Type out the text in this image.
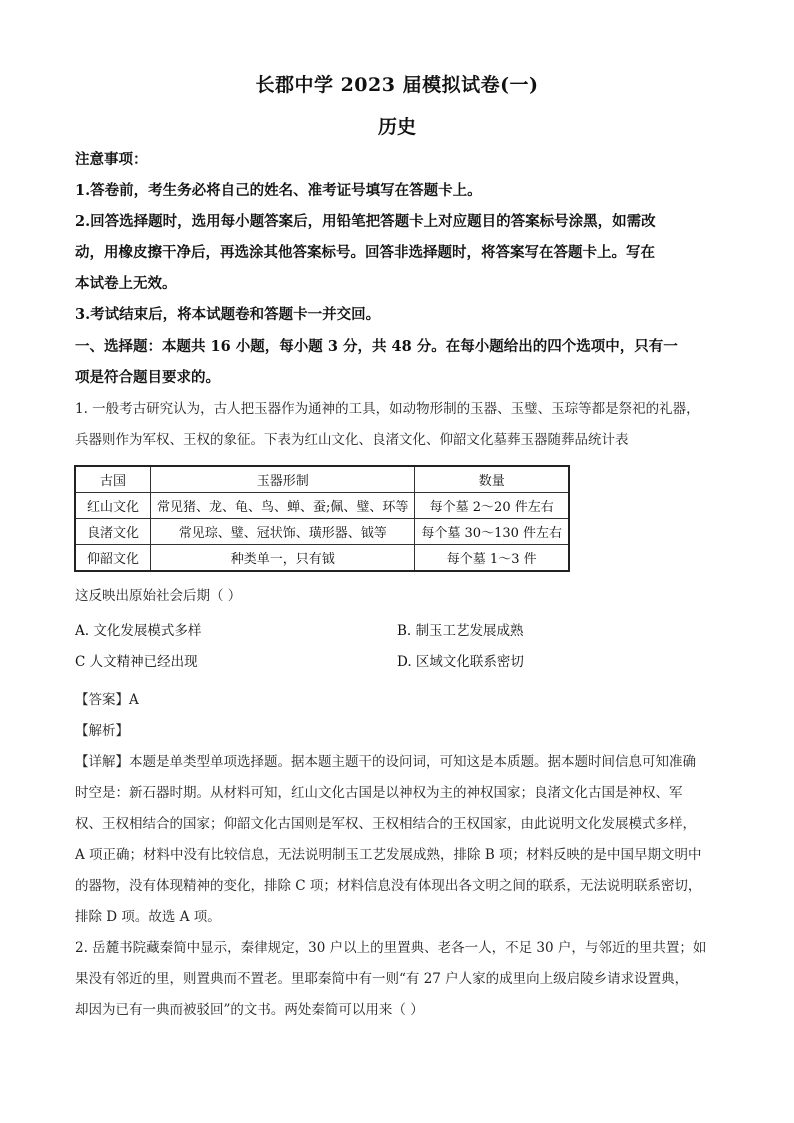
长郡中学 2023 届模拟试卷(一)
历史
注意事项：
1.答卷前，考生务必将自己的姓名、准考证号填写在答题卡上。
2.回答选择题时，选用每小题答案后，用铅笔把答题卡上对应题目的答案标号涂黑，如需改
动，用橡皮擦干净后，再选涂其他答案标号。回答非选择题时，将答案写在答题卡上。写在
本试卷上无效。
3.考试结束后，将本试题卷和答题卡一并交回。
一、选择题：本题共 16 小题，每小题 3 分，共 48 分。在每小题给出的四个选项中，只有一
项是符合题目要求的。
1. 一般考古研究认为，古人把玉器作为通神的工具，如动物形制的玉器、玉璧、玉琮等都是祭祀的礼器，
兵器则作为军权、王权的象征。下表为红山文化、良渚文化、仰韶文化墓葬玉器随葬品统计表
古国	玉器形制	数量
红山文化	常见猪、龙、龟、鸟、蝉、蚕;佩、璧、环等	每个墓 2～20 件左右
良渚文化	常见琮、璧、冠状饰、璜形器、钺等	每个墓 30～130 件左右
仰韶文化	种类单一，只有钺	每个墓 1～3 件
这反映出原始社会后期（ ）
A. 文化发展模式多样	B. 制玉工艺发展成熟
C 人文精神已经出现	D. 区域文化联系密切
【答案】A
【解析】
【详解】本题是单类型单项选择题。据本题主题干的设问词，可知这是本质题。据本题时间信息可知准确
时空是：新石器时期。从材料可知，红山文化古国是以神权为主的神权国家；良渚文化古国是神权、军
权、王权相结合的国家；仰韶文化古国则是军权、王权相结合的王权国家，由此说明文化发展模式多样，
A 项正确；材料中没有比较信息，无法说明制玉工艺发展成熟，排除 B 项；材料反映的是中国早期文明中
的器物，没有体现精神的变化，排除 C 项；材料信息没有体现出各文明之间的联系，无法说明联系密切，
排除 D 项。故选 A 项。
2. 岳麓书院藏秦简中显示，秦律规定，30 户以上的里置典、老各一人，不足 30 户，与邻近的里共置；如
果没有邻近的里，则置典而不置老。里耶秦简中有一则“有 27 户人家的成里向上级启陵乡请求设置典，
却因为已有一典而被驳回”的文书。两处秦简可以用来（ ）
